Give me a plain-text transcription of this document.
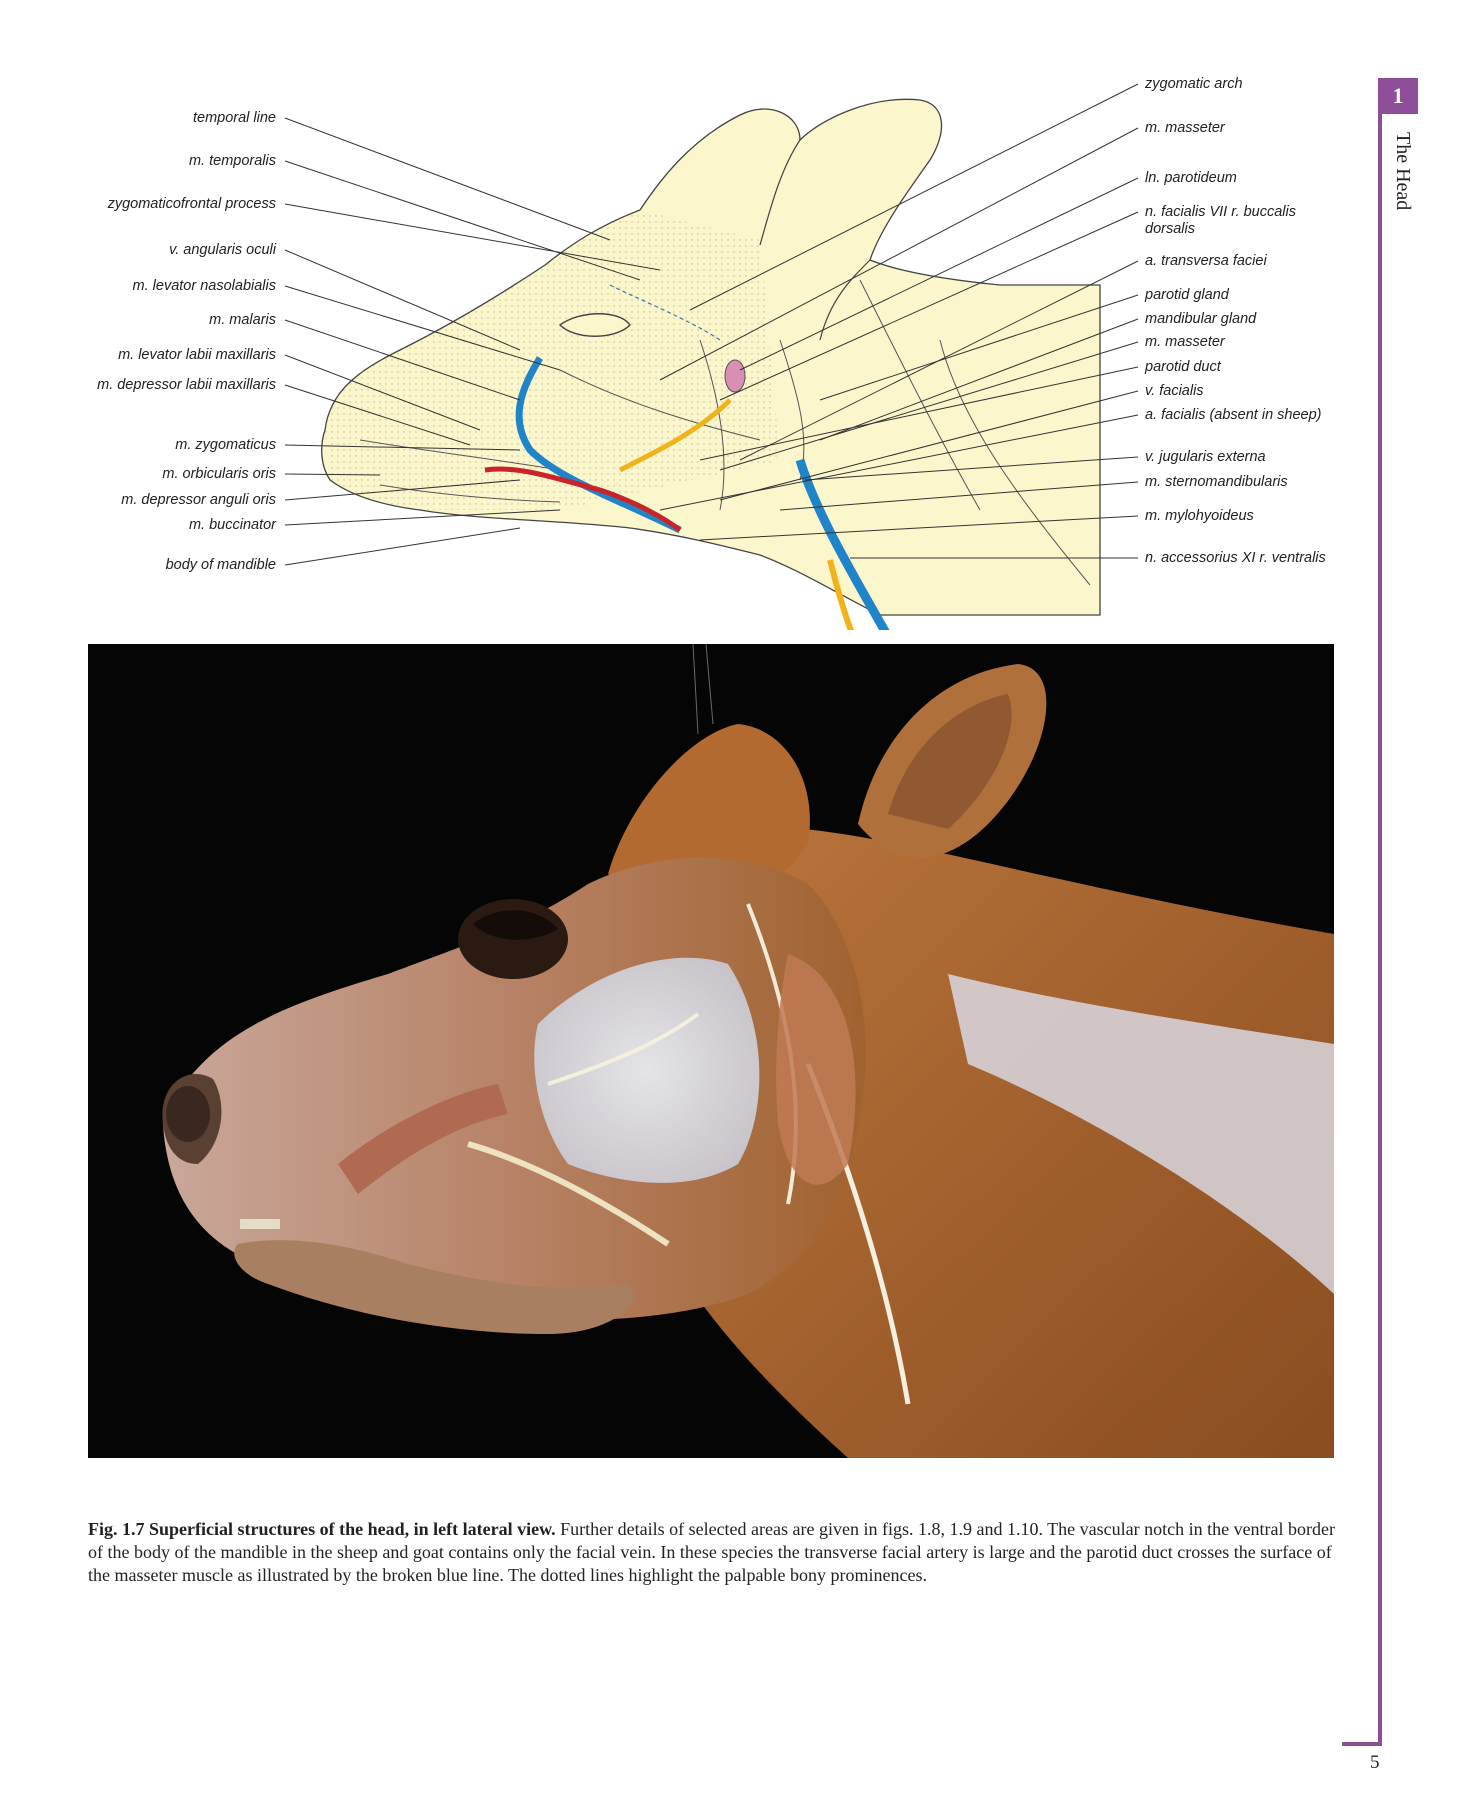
1
The Head
temporal line
m. temporalis
zygomaticofrontal process
v. angularis oculi
m. levator nasolabialis
m. malaris
m. levator labii maxillaris
m. depressor labii maxillaris
m. zygomaticus
m. orbicularis oris
m. depressor anguli oris
m. buccinator
body of mandible
zygomatic arch
m. masseter
ln. parotideum
n. facialis VII r. buccalis dorsalis
a. transversa faciei
parotid gland
mandibular gland
m. masseter
parotid duct
v. facialis
a. facialis (absent in sheep)
v. jugularis externa
m. sternomandibularis
m. mylohyoideus
n. accessorius XI r. ventralis

Fig. 1.7 Superficial structures of the head, in left lateral view. Further details of selected areas are given in figs. 1.8, 1.9 and 1.10. The vascular notch in the ventral border of the body of the mandible in the sheep and goat contains only the facial vein. In these species the transverse facial artery is large and the parotid duct crosses the surface of the masseter muscle as illustrated by the broken blue line. The dotted lines highlight the palpable bony prominences.

5
